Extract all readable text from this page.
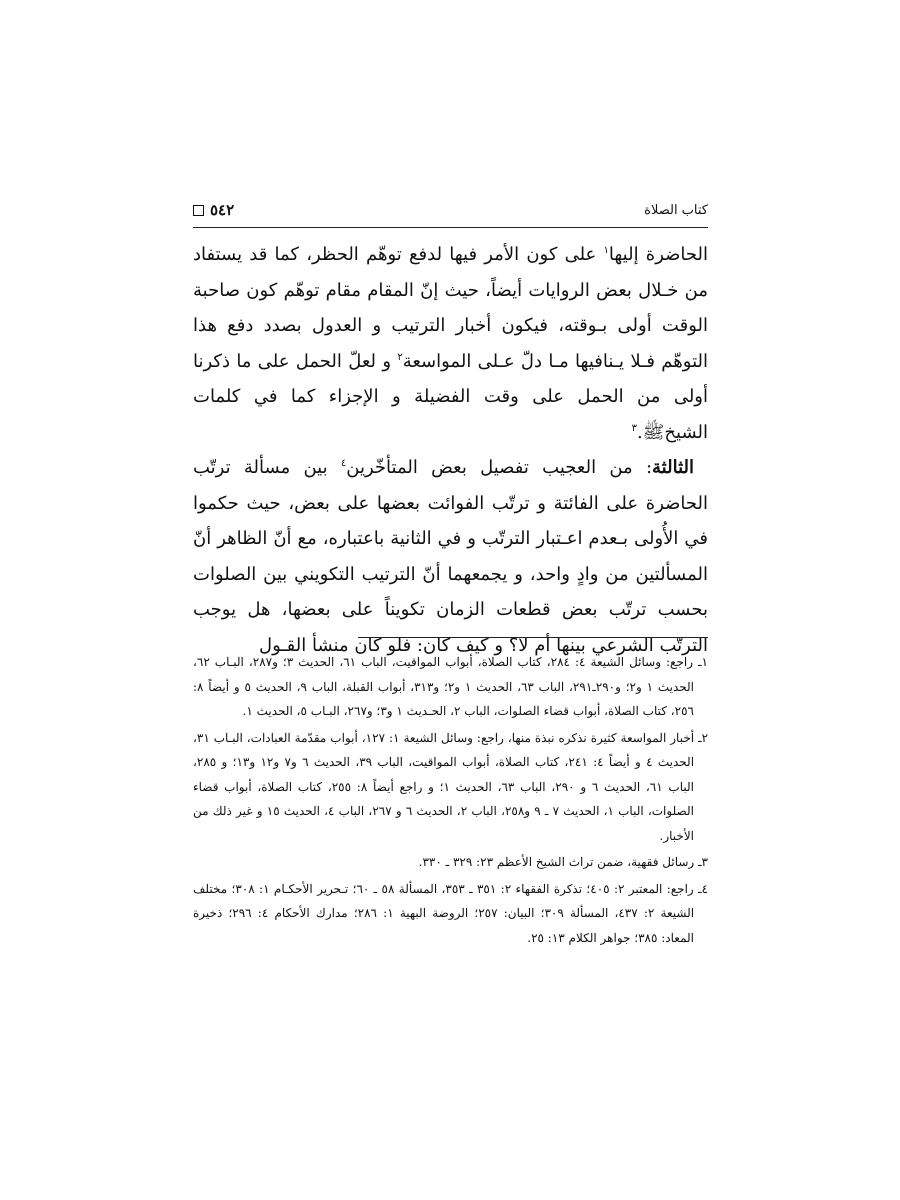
كتاب الصلاة
٥٤٢

الحاضرة إليها$^١$ على كون الأمر فيها لدفع توهّم الحظر، كما قد يستفاد من خـلال بعض الروايات أيضاً، حيث إنّ المقام مقام توهّم كون صاحبة الوقت أولى بـوقته، فيكون أخبار الترتيب و العدول بصدد دفع هذا التوهّم فـلا يـنافيها مـا دلّ عـلى المواسعة$^٢$ و لعلّ الحمل على ما ذكرنا أولى من الحمل على وقت الفضيلة و الإجزاء كما في كلمات الشيخﷺ.$^٣$

الثالثة: من العجيب تفصيل بعض المتأخّرين$^٤$ بين مسألة ترتّب الحاضرة على الفائتة و ترتّب الفوائت بعضها على بعض، حيث حكموا في الأُولى بـعدم اعـتبار الترتّب و في الثانية باعتباره، مع أنّ الظاهر أنّ المسألتين من وادٍ واحد، و يجمعهما أنّ الترتيب التكويني بين الصلوات بحسب ترتّب بعض قطعات الزمان تكويناً على بعضها، هل يوجب الترتّب الشرعي بينها أم لا؟ و كيف كان: فلو كان منشأ القـول

١ـ راجع: وسائل الشيعة ٤: ٢٨٤، كتاب الصلاة، أبواب المواقيت، الباب ٦١، الحديث ٣؛ و٢٨٧، البـاب ٦٢، الحديث ١ و٢؛ و٢٩٠ـ٢٩١، الباب ٦٣، الحديث ١ و٢؛ و٣١٣، أبواب القبلة، الباب ٩، الحديث ٥ و أيضاً ٨: ٢٥٦، كتاب الصلاة، أبواب قضاء الصلوات، الباب ٢، الحـديث ١ و٣؛ و٢٦٧، البـاب ٥، الحديث ١.

٢ـ أخبار المواسعة كثيرة نذكره نبذة منها، راجع: وسائل الشيعة ١: ١٢٧، أبواب مقدّمة العبادات، البـاب ٣١، الحديث ٤ و أيضاً ٤: ٢٤١، كتاب الصلاة، أبواب المواقيت، الباب ٣٩، الحديث ٦ و٧ و١٢ و١٣؛ و ٢٨٥، الباب ٦١، الحديث ٦ و ٢٩٠، الباب ٦٣، الحديث ١؛ و راجع أيضاً ٨: ٢٥٥، كتاب الصلاة، أبواب قضاء الصلوات، الباب ١، الحديث ٧ ـ ٩ و٢٥٨، الباب ٢، الحديث ٦ و ٢٦٧، الباب ٤، الحديث ١٥ و غير ذلك من الأخبار.

٣ـ رسائل فقهية، ضمن تراث الشيخ الأعظم ٢٣: ٣٢٩ ـ ٣٣٠.

٤ـ راجع: المعتبر ٢: ٤٠٥؛ تذكرة الفقهاء ٢: ٣٥١ ـ ٣٥٣، المسألة ٥٨ ـ ٦٠؛ تـحرير الأحكـام ١: ٣٠٨؛ مختلف الشيعة ٢: ٤٣٧، المسألة ٣٠٩؛ البيان: ٢٥٧؛ الروضة البهية ١: ٢٨٦؛ مدارك الأحكام ٤: ٢٩٦؛ ذخيرة المعاد: ٣٨٥؛ جواهر الكلام ١٣: ٢٥.
